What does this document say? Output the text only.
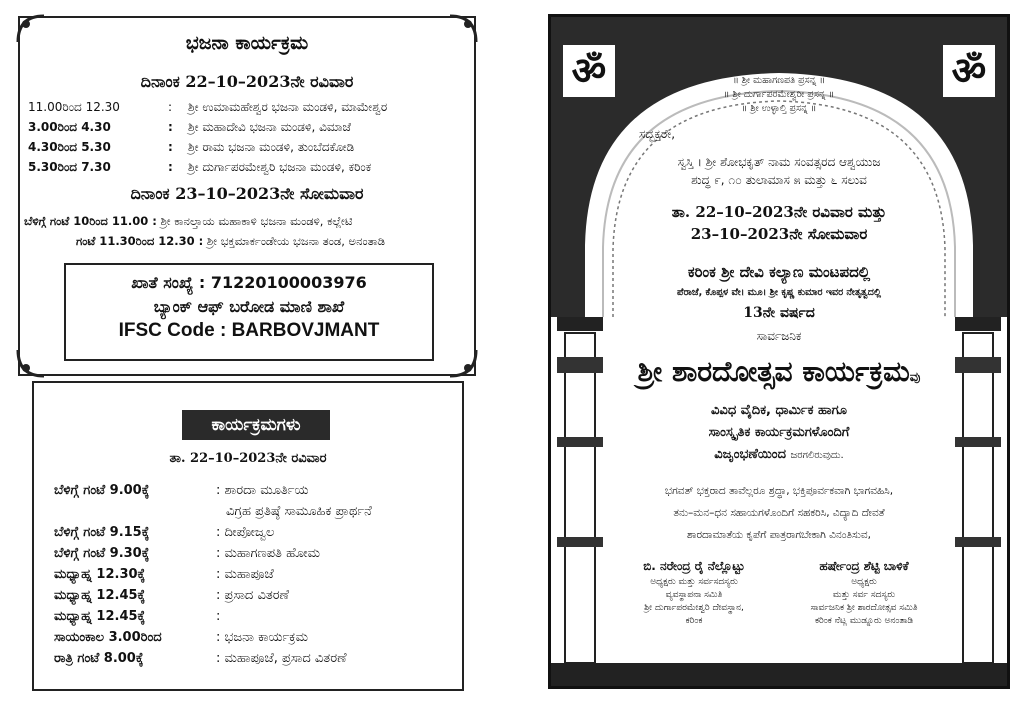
ಭಜನಾ ಕಾರ್ಯಕ್ರಮ
ದಿನಾಂಕ 22–10–2023ನೇ ರವಿವಾರ
11.00ರಿಂದ 12.30	: ಶ್ರೀ ಉಮಾಮಹೇಶ್ವರ ಭಜನಾ ಮಂಡಳಿ, ಮಾಮೇಶ್ವರ
3.00ರಿಂದ 4.30	: ಶ್ರೀ ಮಹಾದೇವಿ ಭಜನಾ ಮಂಡಳಿ, ವಿಮಾಜೆ
4.30ರಿಂದ 5.30	: ಶ್ರೀ ರಾಮ ಭಜನಾ ಮಂಡಳಿ, ತುಂಬೆದಕೋಡಿ
5.30ರಿಂದ 7.30	: ಶ್ರೀ ದುರ್ಗಾಪರಮೇಶ್ವರಿ ಭಜನಾ ಮಂಡಳಿ, ಕರಿಂಕ
ದಿನಾಂಕ 23–10–2023ನೇ ಸೋಮವಾರ
ಬೆಳಿಗ್ಗೆ ಗಂಟೆ 10ರಿಂದ 11.00 : ಶ್ರೀ ಕಾನಲ್ತಾಯ ಮಹಾಕಾಳಿ ಭಜನಾ ಮಂಡಳಿ, ಕಲ್ಲೇಟಿ
ಗಂಟೆ 11.30ರಿಂದ 12.30 : ಶ್ರೀ ಭಕ್ತಮಾರ್ಕಂಡೇಯ ಭಜನಾ ತಂಡ, ಅನಂತಾಡಿ
ಖಾತೆ ಸಂಖ್ಯೆ : 71220100003976
ಬ್ಯಾಂಕ್ ಆಫ್ ಬರೋಡ ಮಾಣಿ ಶಾಖೆ
IFSC Code : BARBOVJMANT
ಕಾರ್ಯಕ್ರಮಗಳು
ತಾ. 22–10–2023ನೇ ರವಿವಾರ
ಬೆಳಿಗ್ಗೆ ಗಂಟೆ 9.00ಕ್ಕೆ	: ಶಾರದಾ ಮೂರ್ತಿಯ
ವಿಗ್ರಹ ಪ್ರತಿಷ್ಠೆ ಸಾಮೂಹಿಕ ಪ್ರಾರ್ಥನೆ
ಬೆಳಿಗ್ಗೆ ಗಂಟೆ 9.15ಕ್ಕೆ	: ದೀಪೋಜ್ವಲ
ಬೆಳಿಗ್ಗೆ ಗಂಟೆ 9.30ಕ್ಕೆ	: ಮಹಾಗಣಪತಿ ಹೋಮ
ಮಧ್ಯಾಹ್ನ 12.30ಕ್ಕೆ	: ಮಹಾಪೂಜೆ
ಮಧ್ಯಾಹ್ನ 12.45ಕ್ಕೆ	: ಪ್ರಸಾದ ವಿತರಣೆ
ಮಧ್ಯಾಹ್ನ 12.45ಕ್ಕೆ	:
ಸಾಯಂಕಾಲ 3.00ರಿಂದ	: ಭಜನಾ ಕಾರ್ಯಕ್ರಮ
ರಾತ್ರಿ ಗಂಟೆ 8.00ಕ್ಕೆ	: ಮಹಾಪೂಜೆ, ಪ್ರಸಾದ ವಿತರಣೆ
ॐ	ॐ
॥ ಶ್ರೀ ಮಹಾಗಣಪತಿ ಪ್ರಸನ್ನ ॥
॥ ಶ್ರೀ ದುರ್ಗಾಪರಮೇಶ್ವರೀ ಪ್ರಸನ್ನ ॥
॥ ಶ್ರೀ ಉಳ್ಳಾಲ್ತಿ ಪ್ರಸನ್ನ ॥
ಸದ್ಭಕ್ತರೇ,
ಸ್ವಸ್ತಿ । ಶ್ರೀ ಶೋಭಕೃತ್ ನಾಮ ಸಂವತ್ಸರದ ಆಶ್ವಯುಜ
ಶುದ್ಧ ೯, ೧೦ ತುಲಾಮಾಸ ೫ ಮತ್ತು ೬ ಸಲುವ
ತಾ. 22–10–2023ನೇ ರವಿವಾರ ಮತ್ತು
23–10–2023ನೇ ಸೋಮವಾರ
ಕರಿಂಕ ಶ್ರೀ ದೇವಿ ಕಲ್ಯಾಣ ಮಂಟಪದಲ್ಲಿ
ಪೆರಾಜೆ, ಕೊಪ್ಪಳ ವೇ। ಮೂ। ಶ್ರೀ ಕೃಷ್ಣ ಕುಮಾರ ಇವರ ನೇತೃತ್ವದಲ್ಲಿ
13ನೇ ವರ್ಷದ
ಸಾರ್ವಜನಿಕ
ಶ್ರೀ ಶಾರದೋತ್ಸವ ಕಾರ್ಯಕ್ರಮವು
ವಿವಿಧ ವೈದಿಕ, ಧಾರ್ಮಿಕ ಹಾಗೂ
ಸಾಂಸ್ಕೃತಿಕ ಕಾರ್ಯಕ್ರಮಗಳೊಂದಿಗೆ
ವಿಜೃಂಭಣೆಯಿಂದ ಜರಗಲಿರುವುದು.
ಭಗವತ್ ಭಕ್ತರಾದ ತಾವೆಲ್ಲರೂ ಶ್ರದ್ಧಾ, ಭಕ್ತಿಪೂರ್ವಕವಾಗಿ ಭಾಗವಹಿಸಿ,
ತನು–ಮನ–ಧನ ಸಹಾಯಗಳೊಂದಿಗೆ ಸಹಕರಿಸಿ, ವಿದ್ಯಾದಿ ದೇವತೆ
ಶಾರದಾಮಾತೆಯ ಕೃಪೆಗೆ ಪಾತ್ರರಾಗಬೇಕಾಗಿ ವಿನಂತಿಸುವ,
ಬಿ. ನರೇಂದ್ರ ರೈ ನೆಲ್ಲೊಟ್ಟು
ಅಧ್ಯಕ್ಷರು ಮತ್ತು ಸರ್ವಸದಸ್ಯರು
ವ್ಯವಸ್ಥಾಪನಾ ಸಮಿತಿ
ಶ್ರೀ ದುರ್ಗಾಪರಮೇಶ್ವರಿ ದೇವಸ್ಥಾನ,
ಕರಿಂಕ
ಹರ್ಷೇಂದ್ರ ಶೆಟ್ಟಿ ಬಾಳಿಕೆ
ಅಧ್ಯಕ್ಷರು
ಮತ್ತು ಸರ್ವ ಸದಸ್ಯರು
ಸಾರ್ವಜನಿಕ ಶ್ರೀ ಶಾರದೋತ್ಸವ ಸಮಿತಿ
ಕರಿಂಕ ನೆಟ್ಲ ಮುಡ್ನೂರು ಅನಂತಾಡಿ
